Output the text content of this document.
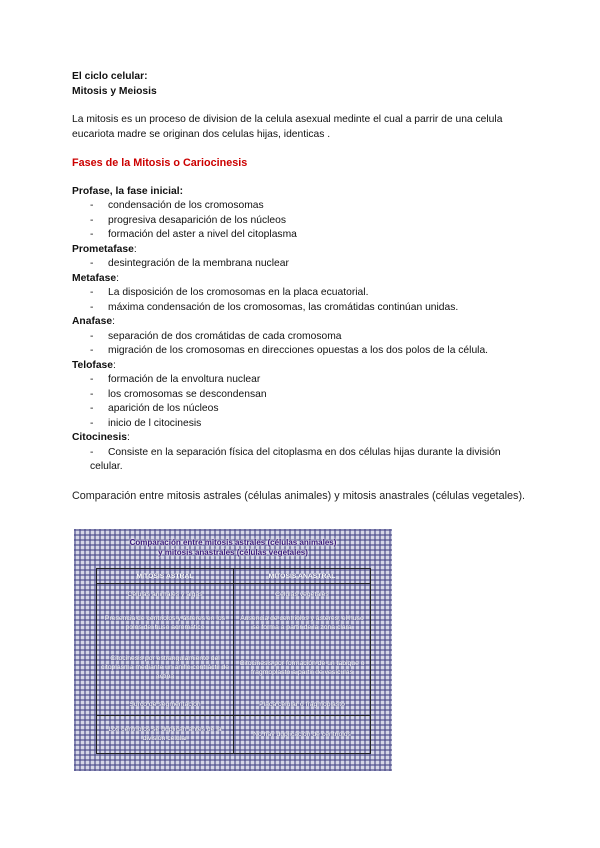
El ciclo celular:
Mitosis y Meiosis
La mitosis es un proceso de division de la celula asexual medinte el cual a parrir de una celula eucariota madre se originan dos celulas hijas, identicas .
Fases de la Mitosis o Cariocinesis
Profase, la fase inicial:
- condensación de los cromosomas
- progresiva desaparición de los núcleos
- formación del aster a nivel del citoplasma
Prometafase:
- desintegración de la membrana nuclear
Metafase:
- La disposición de los cromosomas en la placa ecuatorial.
- máxima condensación de los cromosomas, las cromátidas continúan unidas.
Anafase:
- separación de dos cromátidas de cada cromosoma
- migración de los cromosomas en direcciones opuestas a los dos polos de la célula.
Telofase:
- formación de la envoltura nuclear
- los cromosomas se descondensan
- aparición de los núcleos
- inicio de l citocinesis
Citocinesis:
- Consiste en la separación física del citoplasma en dos células hijas durante la división celular.
Comparación entre mitosis astrales (células animales) y mitosis anastrales (células vegetales).
Comparación entre mitosis astrales (células animales)
y mitosis anastrales (células vegetales)
MITOSIS ASTRAL	MITOSIS ANASTRAL
Células animales y algas	Células vegetales
Presencia de centriolos y ásteres en los polos del huso acromático	Ausencia de centriolos y ásteres; el huso se forma a partir de la zona clara
Citocinesis por estrangulamiento del citoplasma mediante un anillo contráctil de actina	Citocinesis por formación de un tabique o fragmoplasto a partir de vesículas
Surco de segmentación	Placa celular o fragmoplasto
Los centriolos se duplican antes de la división celular	No hay duplicación de centriolos
